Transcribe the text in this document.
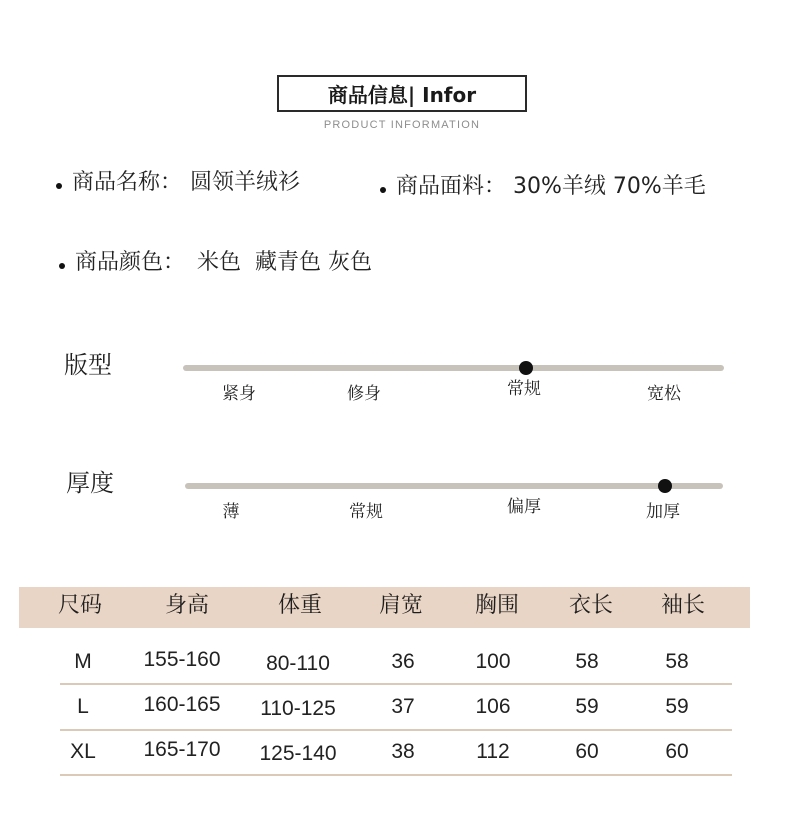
商品信息| Infor
PRODUCT INFORMATION
商品名称： 圆领羊绒衫	商品面料： 30%羊绒 70%羊毛
商品颜色： 米色  藏青色 灰色
版型
紧身	修身	常规	宽松
厚度
薄	常规	偏厚	加厚
尺码	身高	体重	肩宽 胸围 衣长 袖长
M 155-160 80-110	36	100	58	58
L	160-165 110-125	37	106	59	59
XL 165-170 125-140	38	112	60	60
